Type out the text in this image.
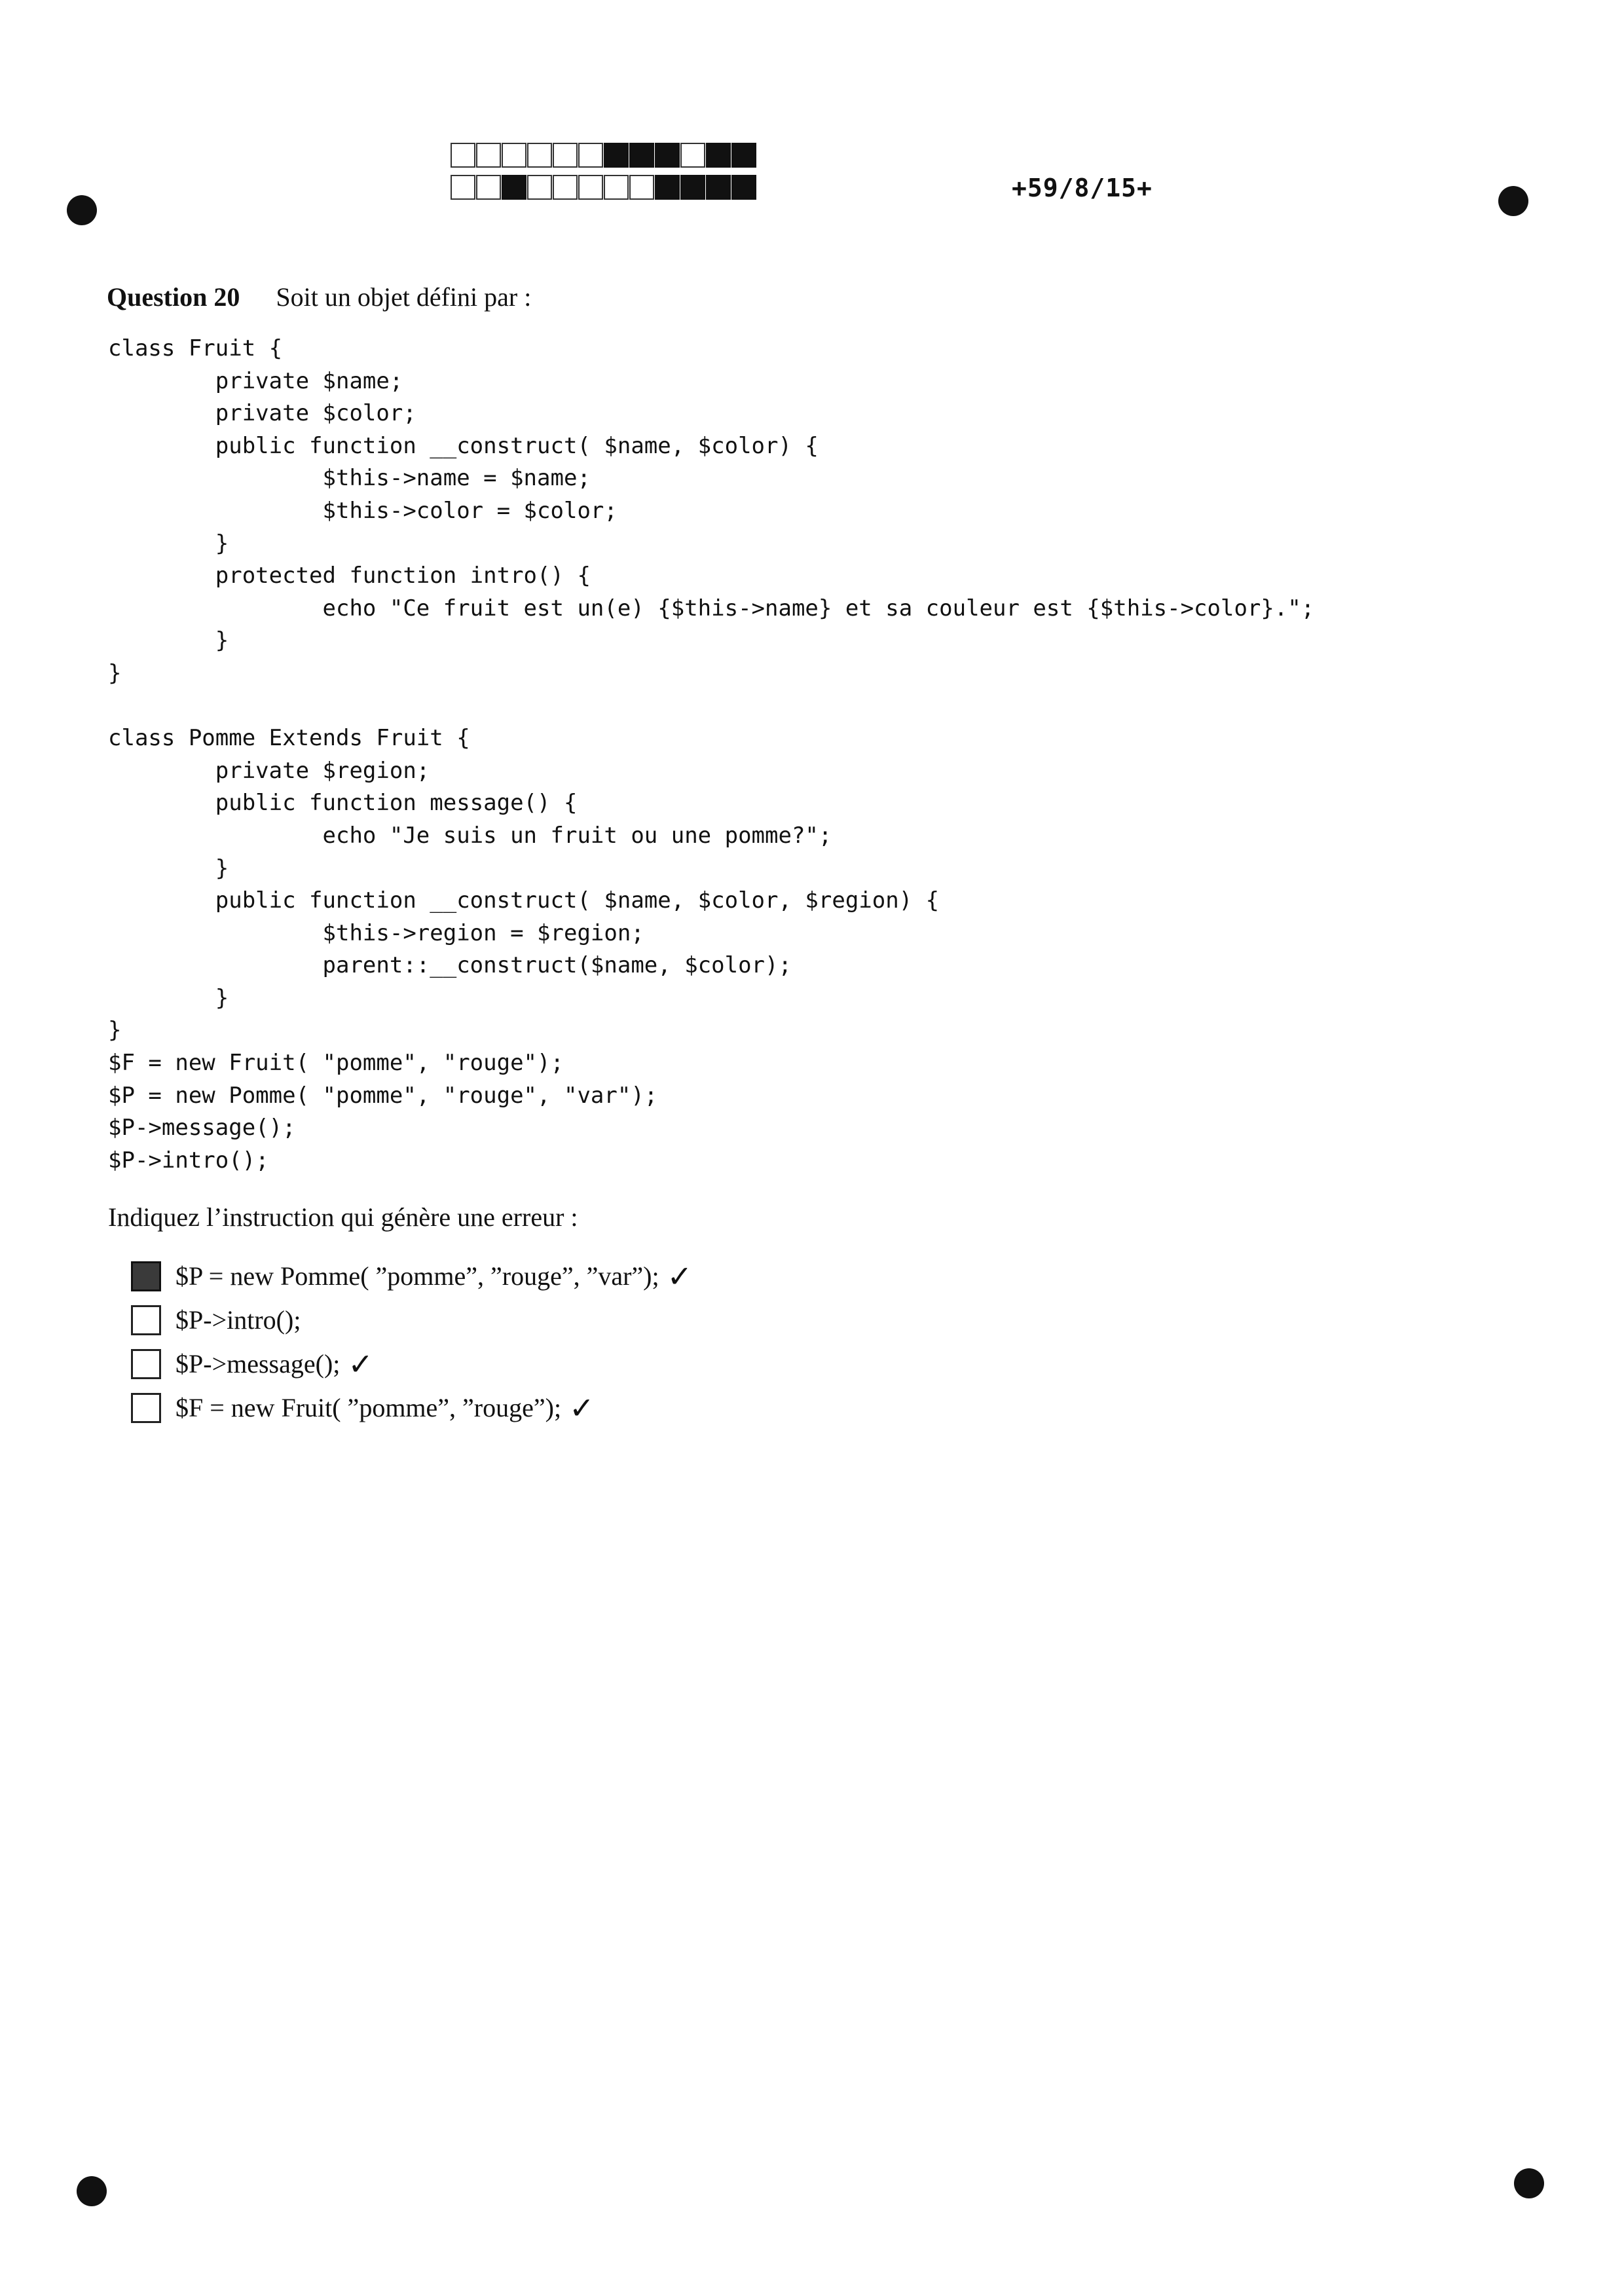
+59/8/15+
Question 20 Soit un objet défini par :
class Fruit {
private $name;
private $color;
public function __construct( $name, $color) {
$this->name = $name;
$this->color = $color;
}
protected function intro() {
echo "Ce fruit est un(e) {$this->name} et sa couleur est {$this->color}.";
}
}
class Pomme Extends Fruit {
private $region;
public function message() {
echo "Je suis un fruit ou une pomme?";
}
public function __construct( $name, $color, $region) {
$this->region = $region;
parent::__construct($name, $color);
}
}
$F = new Fruit( "pomme", "rouge");
$P = new Pomme( "pomme", "rouge", "var");
$P->message();
$P->intro();
Indiquez l’instruction qui génère une erreur :
$P = new Pomme( ”pomme”, ”rouge”, ”var”); ✓
$P->intro();
$P->message(); ✓
$F = new Fruit( ”pomme”, ”rouge”); ✓
